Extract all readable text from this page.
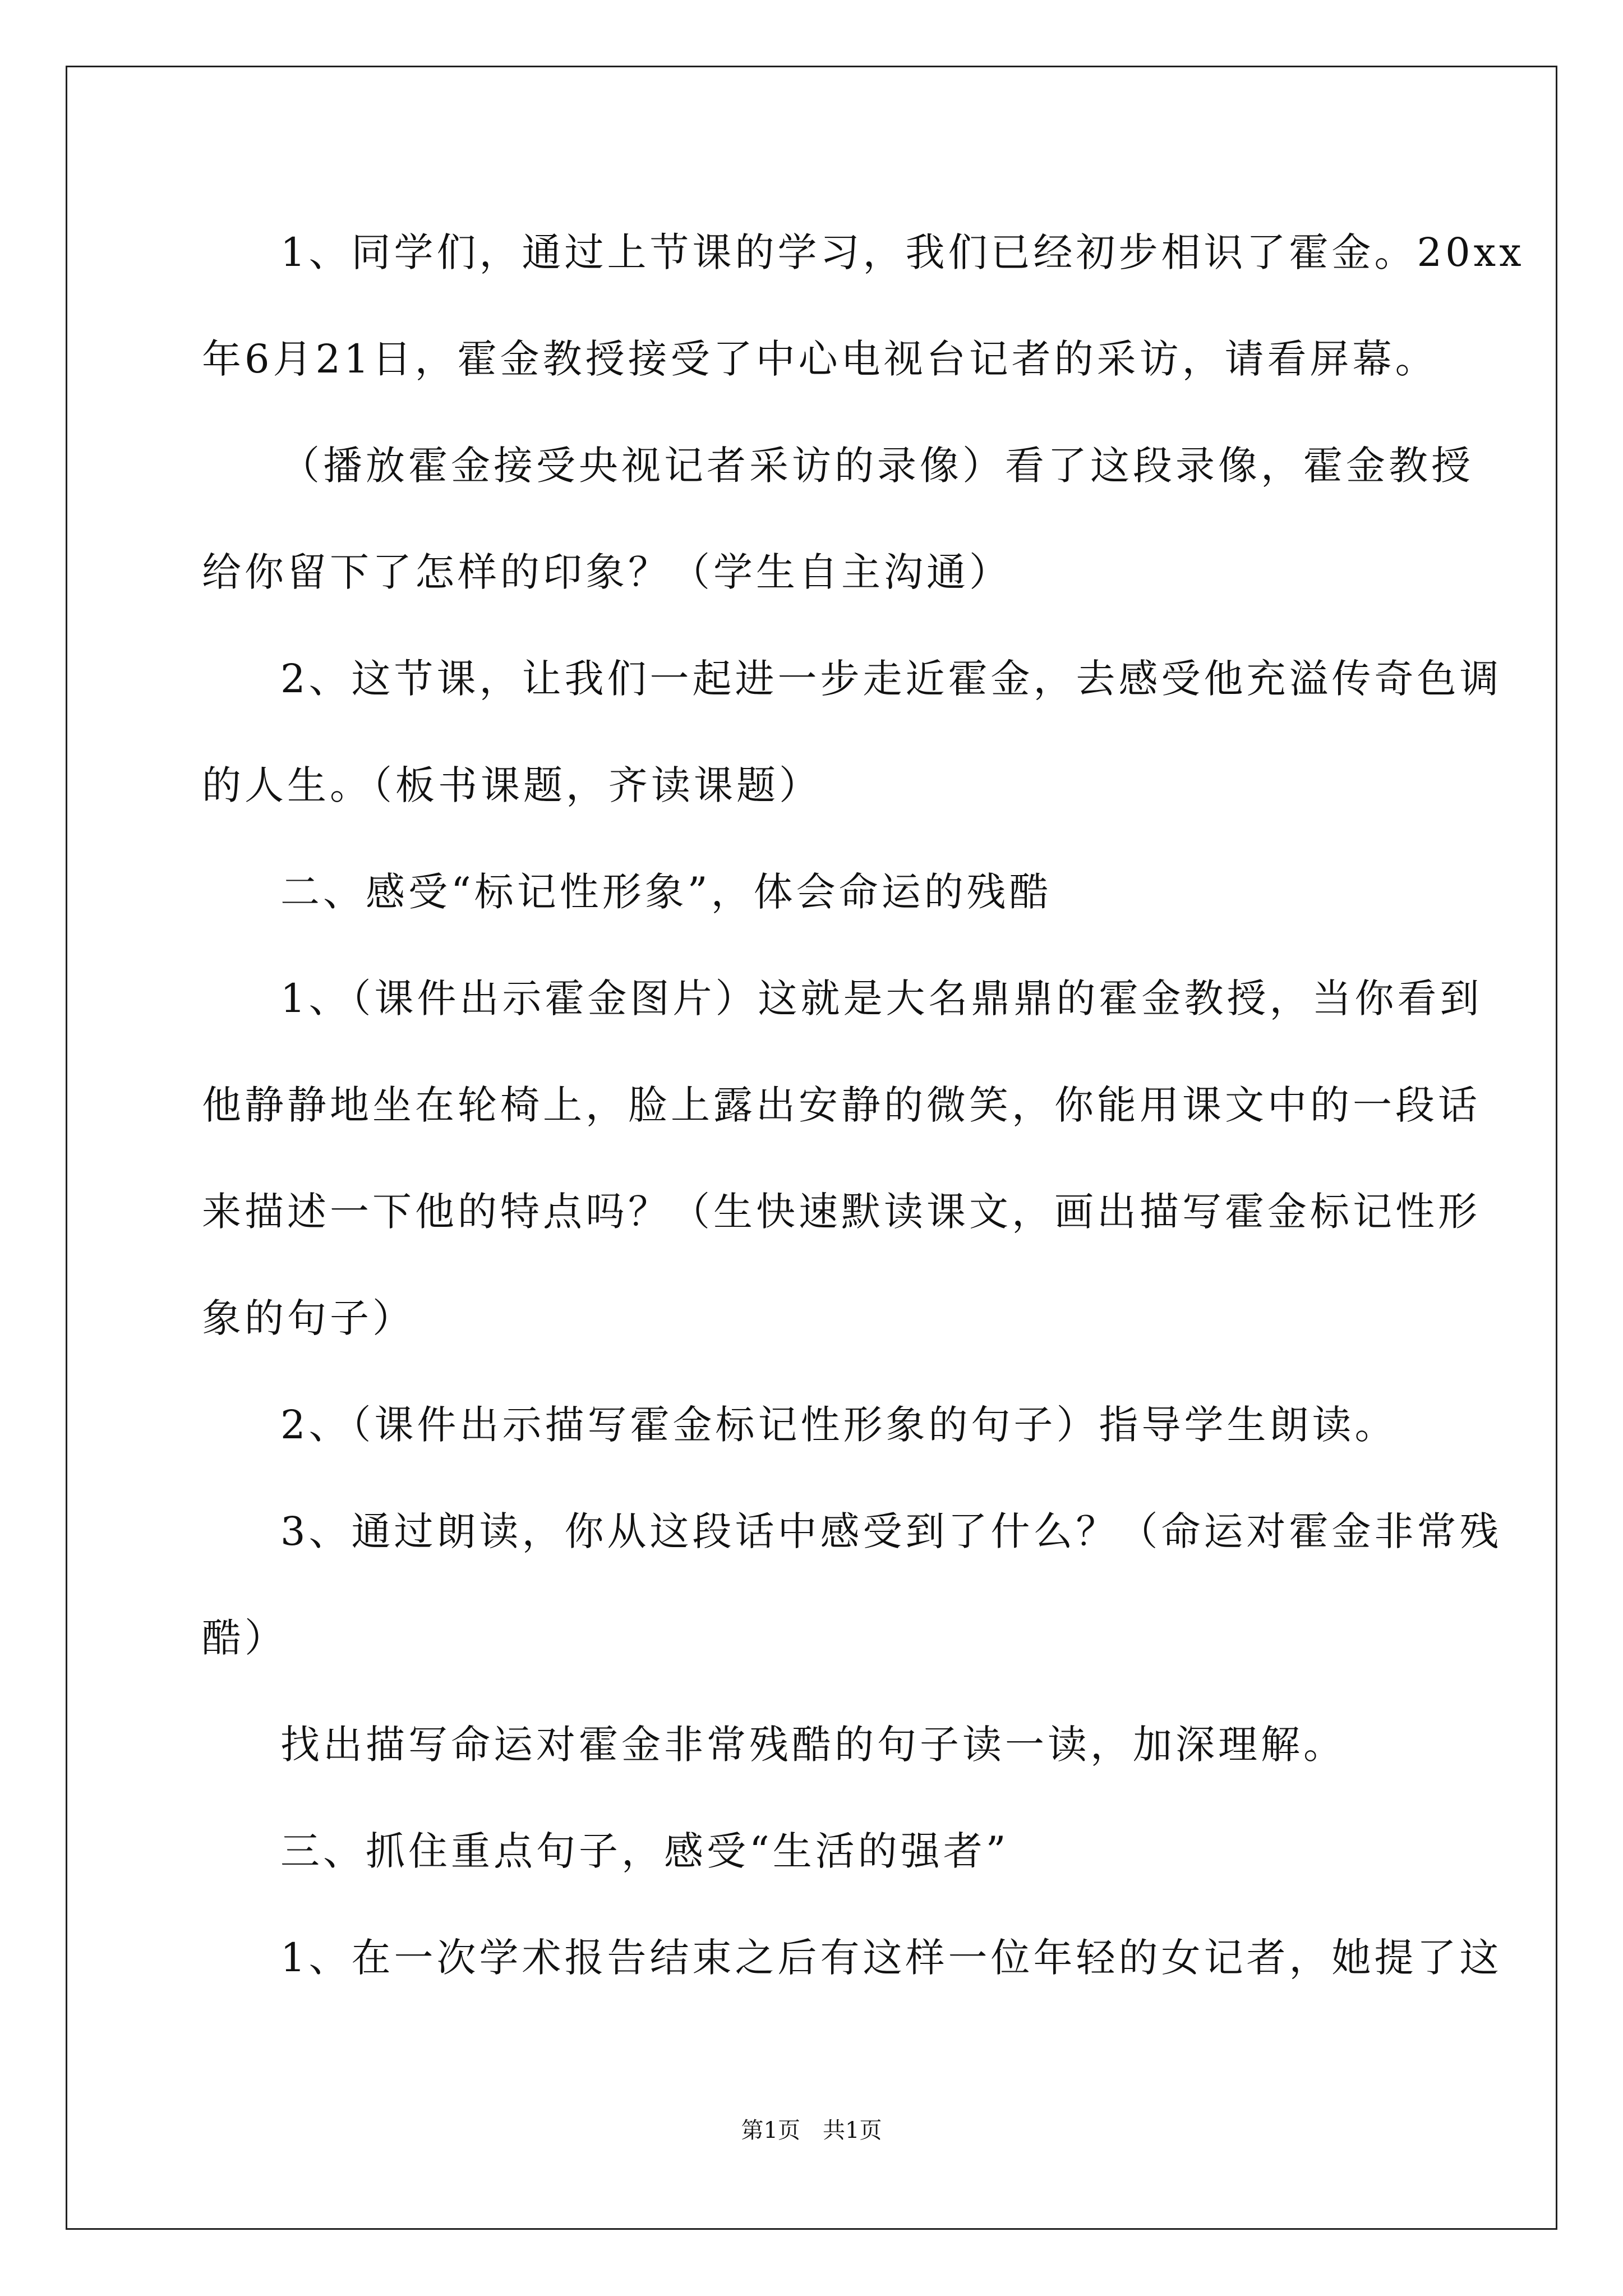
1、同学们，通过上节课的学习，我们已经初步相识了霍金。20xx
年6月21日，霍金教授接受了中心电视台记者的采访，请看屏幕。
（播放霍金接受央视记者采访的录像）看了这段录像，霍金教授
给你留下了怎样的印象？（学生自主沟通）
2、这节课，让我们一起进一步走近霍金，去感受他充溢传奇色调
的人生。（板书课题，齐读课题）
二、感受“标记性形象”，体会命运的残酷
1、（课件出示霍金图片）这就是大名鼎鼎的霍金教授，当你看到
他静静地坐在轮椅上，脸上露出安静的微笑，你能用课文中的一段话
来描述一下他的特点吗？（生快速默读课文，画出描写霍金标记性形
象的句子）
2、（课件出示描写霍金标记性形象的句子）指导学生朗读。
3、通过朗读，你从这段话中感受到了什么？（命运对霍金非常残
酷）
找出描写命运对霍金非常残酷的句子读一读，加深理解。
三、抓住重点句子，感受“生活的强者”
1、在一次学术报告结束之后有这样一位年轻的女记者，她提了这
第1页　共1页
